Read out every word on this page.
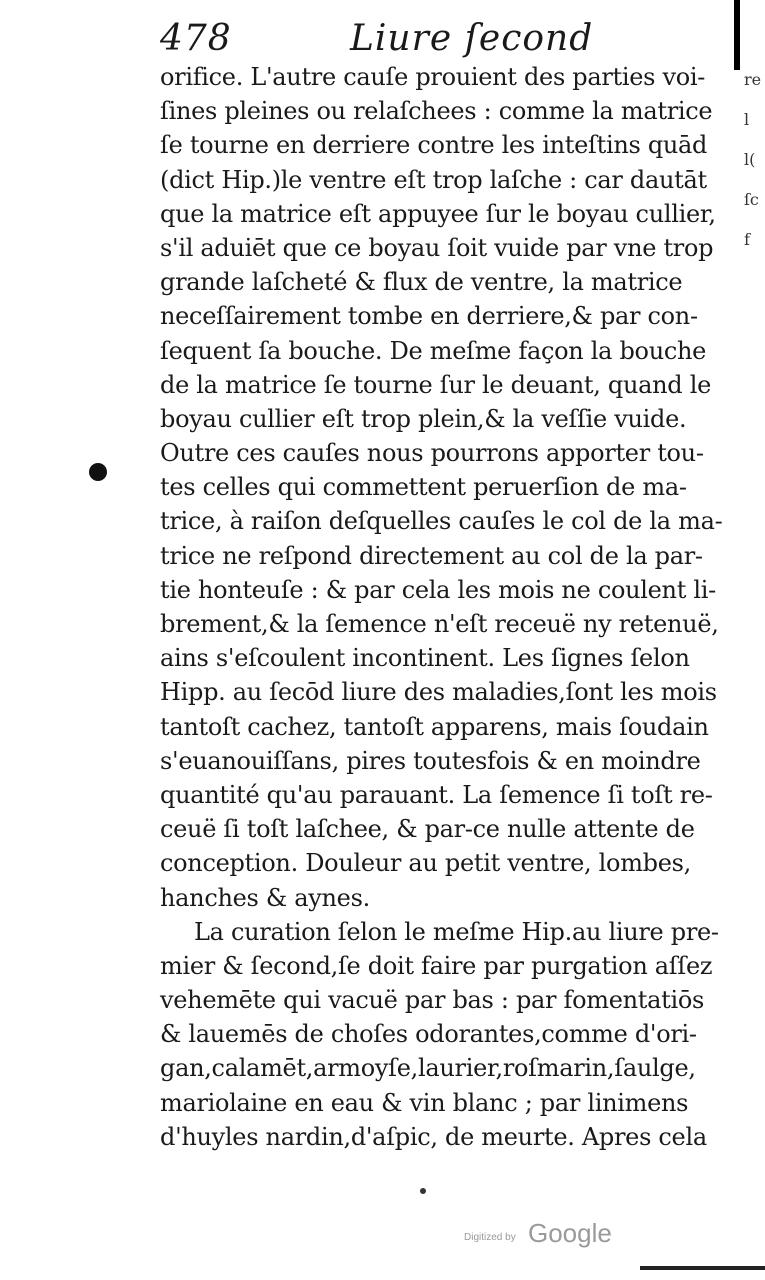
478	Liure ſecond
orifice. L'autre cauſe prouient des parties voi-
ſines pleines ou relaſchees : comme la matrice
ſe tourne en derriere contre les inteſtins quād
(dict Hip.)le ventre eſt trop laſche : car dautāt
que la matrice eſt appuyee ſur le boyau cullier,
s'il aduiēt que ce boyau ſoit vuide par vne trop
grande laſcheté & flux de ventre, la matrice
neceſſairement tombe en derriere,& par con-
ſequent ſa bouche. De meſme façon la bouche
de la matrice ſe tourne ſur le deuant, quand le
boyau cullier eſt trop plein,& la veſſie vuide.
Outre ces cauſes nous pourrons apporter tou-
tes celles qui commettent peruerſion de ma-
trice, à raiſon deſquelles cauſes le col de la ma-
trice ne reſpond directement au col de la par-
tie honteuſe : & par cela les mois ne coulent li-
brement,& la ſemence n'eſt receuë ny retenuë,
ains s'eſcoulent incontinent. Les ſignes ſelon
Hipp. au ſecōd liure des maladies,ſont les mois
tantoſt cachez, tantoſt apparens, mais ſoudain
s'euanouiſſans, pires toutesfois & en moindre
quantité qu'au parauant. La ſemence ſi toſt re-
ceuë ſi toſt laſchee, & par-ce nulle attente de
conception. Douleur au petit ventre, lombes,
hanches & aynes.
La curation ſelon le meſme Hip.au liure pre-
mier & ſecond,ſe doit faire par purgation aſſez
vehemēte qui vacuë par bas : par fomentatiōs
& lauemēs de choſes odorantes,comme d'ori-
gan,calamēt,armoyſe,laurier,roſmarin,ſaulge,
mariolaine en eau & vin blanc ; par linimens
d'huyles nardin,d'aſpic, de meurte. Apres cela
re
l
l(
ſc
f
Digitized by Google
